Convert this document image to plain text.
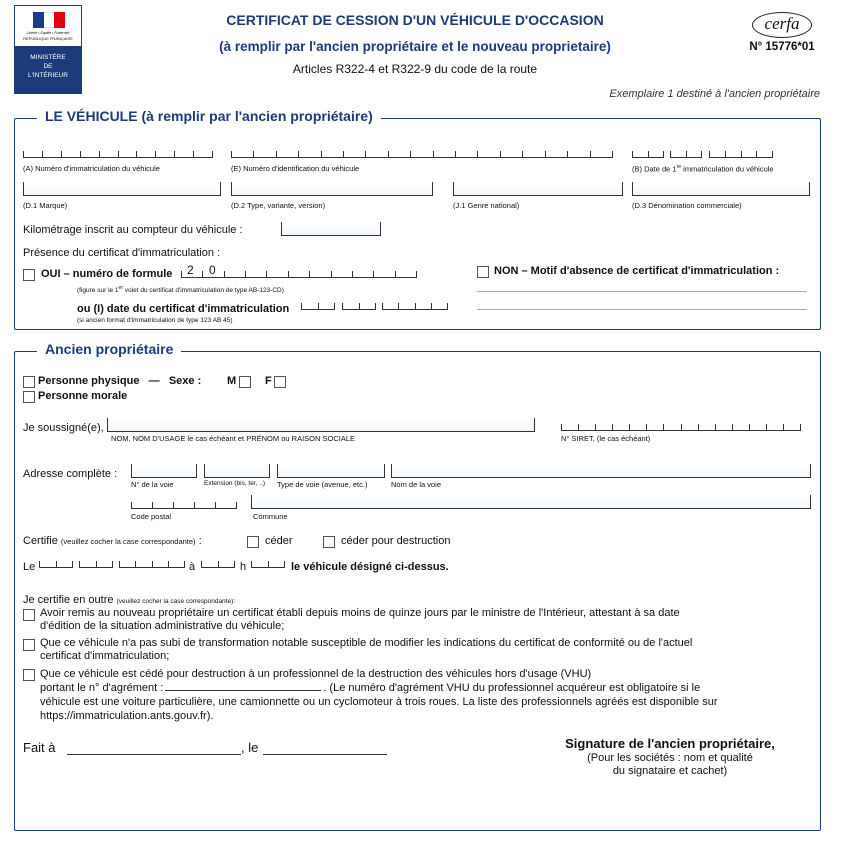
Liberté • Égalité • Fraternité
RÉPUBLIQUE FRANÇAISE
MINISTÈRE
DE
L'INTÉRIEUR
CERTIFICAT DE CESSION D'UN VÉHICULE D'OCCASION
(à remplir par l'ancien propriétaire et le nouveau proprietaire)
Articles R322-4 et R322-9 du code de la route
cerfa
N° 15776*01
Exemplaire 1 destiné à l'ancien propriétaire
LE VÉHICULE (à remplir par l'ancien propriétaire)
(A) Numéro d'immatriculation du véhicule	(E) Numéro d'identification du véhicule	(B) Date de 1re immatriculation du véhicule
(D.1 Marque)	(D.2 Type, variante, version)	(J.1 Genre national)	(D.3 Dénomination commerciale)
Kilométrage inscrit au compteur du véhicule :
Présence du certificat d'immatriculation :
OUI – numéro de formule 2 0
(figure sur le 1er volet du certificat d'immatriculation de type AB-123-CD)
ou (I) date du certificat d'immatriculation
(si ancien format d'immatriculation de type 123 AB 45)
NON – Motif d'absence de certificat d'immatriculation :
Ancien propriétaire
Personne physique — Sexe : M	F
Personne morale
Je soussigné(e),
NOM, NOM D'USAGE le cas échéant et PRÉNOM ou RAISON SOCIALE	N° SIRET, (le cas échéant)
Adresse complète :
N° de la voie	Extension (bis, ter, ..) Type de voie (avenue, etc.)	Nom de la voie
Code postal	Commune
Certifie (veuillez cocher la case correspondante) :	céder	céder pour destruction
Le	à	h	le véhicule désigné ci-dessus.
Je certifie en outre (veuillez cocher la case correspondante):
Avoir remis au nouveau propriétaire un certificat établi depuis moins de quinze jours par le ministre de l'Intérieur, attestant à sa date
d'édition de la situation administrative du véhicule;
Que ce véhicule n'a pas subi de transformation notable susceptible de modifier les indications du certificat de conformité ou de l'actuel
certificat d'immatriculation;
Que ce véhicule est cédé pour destruction à un professionnel de la destruction des véhicules hors d'usage (VHU)
portant le n° d'agrément :	. (Le numéro d'agrément VHU du professionnel acquéreur est obligatoire si le
véhicule est une voiture particulière, une camionnette ou un cyclomoteur à trois roues. La liste des professionnels agréés est disponible sur
https://immatriculation.ants.gouv.fr).
Fait à	, le	Signature de l'ancien propriétaire,
(Pour les sociétés : nom et qualité
du signataire et cachet)
